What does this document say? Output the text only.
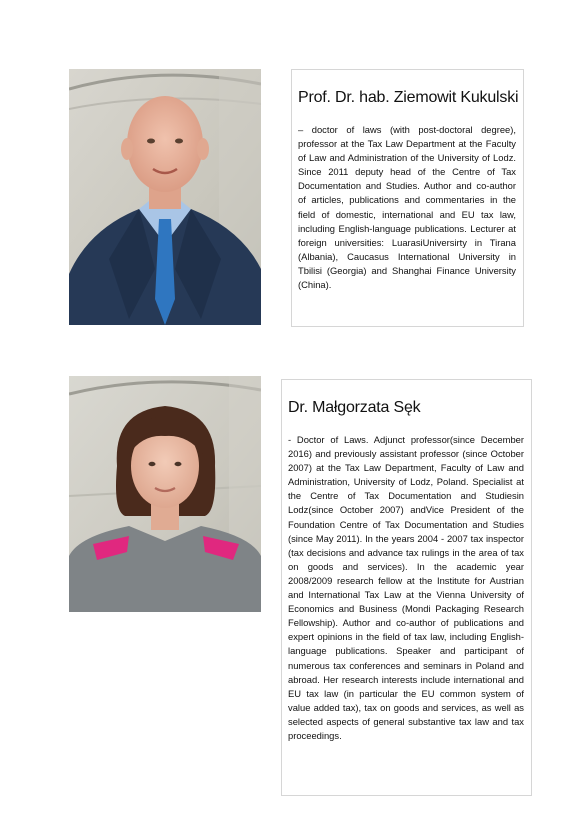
Prof. Dr. hab. Ziemowit Kukulski
– doctor of laws (with post-doctoral degree), professor at the Tax Law Department at the Faculty of Law and Administration of the University of Lodz. Since 2011 deputy head of the Centre of Tax Documentation and Studies. Author and co-author of articles, publications and commentaries in the field of domestic, international and EU tax law, including English-language publications. Lecturer at foreign universities: LuarasiUniversirty in Tirana (Albania), Caucasus International University in Tbilisi (Georgia) and Shanghai Finance University (China).
Dr. Małgorzata Sęk
- Doctor of Laws. Adjunct professor(since December 2016) and previously assistant professor (since October 2007) at the Tax Law Department, Faculty of Law and Administration, University of Lodz, Poland. Specialist at the Centre of Tax Documentation and Studiesin Lodz(since October 2007) andVice President of the Foundation Centre of Tax Documentation and Studies (since May 2011). In the years 2004 - 2007 tax inspector (tax decisions and advance tax rulings in the area of tax on goods and services). In the academic year 2008/2009 research fellow at the Institute for Austrian and International Tax Law at the Vienna University of Economics and Business (Mondi Packaging Research Fellowship). Author and co-author of publications and expert opinions in the field of tax law, including English-language publications. Speaker and participant of numerous tax conferences and seminars in Poland and abroad. Her research interests include international and EU tax law (in particular the EU common system of value added tax), tax on goods and services, as well as selected aspects of general substantive tax law and tax proceedings.
